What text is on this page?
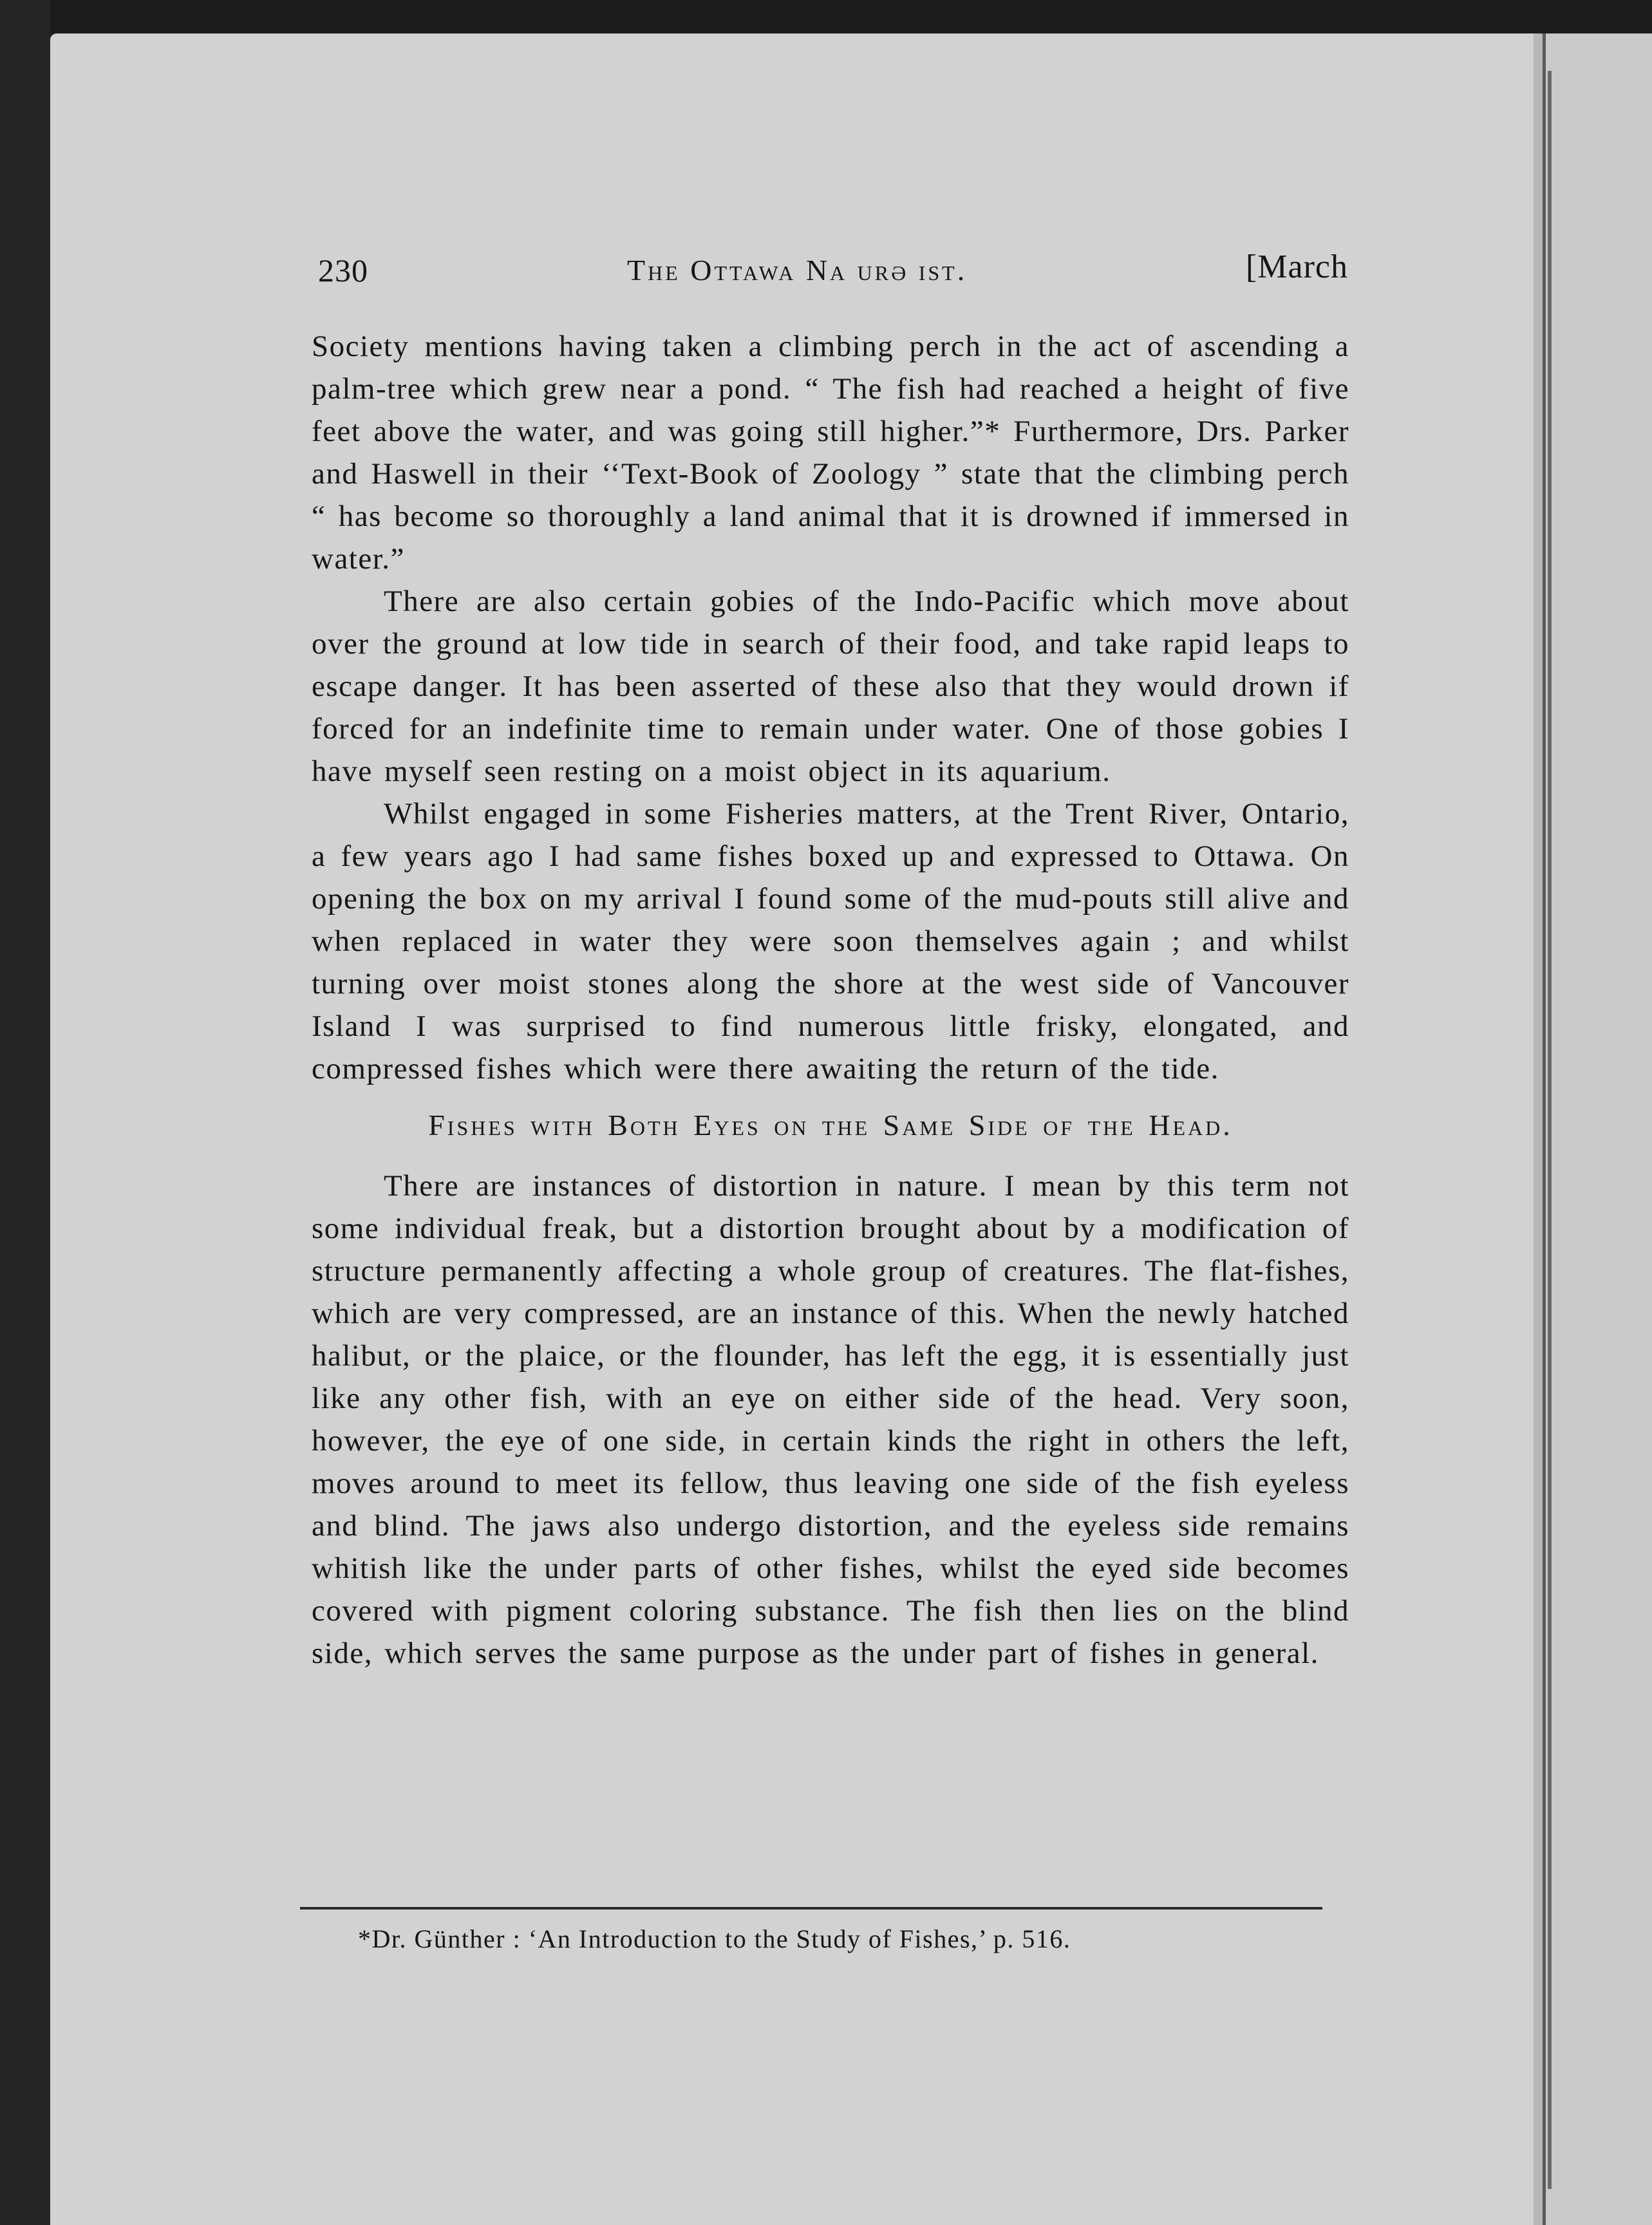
230	The Ottawa Na urə ist.	[March

Society mentions having taken a climbing perch in the act of ascending a palm-tree which grew near a pond. “ The fish had reached a height of five feet above the water, and was going still higher.”* Furthermore, Drs. Parker and Haswell in their ‘‘Text-Book of Zoology ” state that the climbing perch “ has become so thoroughly a land animal that it is drowned if immersed in water.”

There are also certain gobies of the Indo-Pacific which move about over the ground at low tide in search of their food, and take rapid leaps to escape danger. It has been asserted of these also that they would drown if forced for an indefinite time to remain under water. One of those gobies I have myself seen resting on a moist object in its aquarium.

Whilst engaged in some Fisheries matters, at the Trent River, Ontario, a few years ago I had same fishes boxed up and expressed to Ottawa. On opening the box on my arrival I found some of the mud-pouts still alive and when replaced in water they were soon themselves again ; and whilst turning over moist stones along the shore at the west side of Vancouver Island I was surprised to find numerous little frisky, elongated, and compressed fishes which were there awaiting the return of the tide.

Fishes with Both Eyes on the Same Side of the Head.

There are instances of distortion in nature. I mean by this term not some individual freak, but a distortion brought about by a modification of structure permanently affecting a whole group of creatures. The flat-fishes, which are very compressed, are an instance of this. When the newly hatched halibut, or the plaice, or the flounder, has left the egg, it is essentially just like any other fish, with an eye on either side of the head. Very soon, however, the eye of one side, in certain kinds the right in others the left, moves around to meet its fellow, thus leaving one side of the fish eyeless and blind. The jaws also undergo distortion, and the eyeless side remains whitish like the under parts of other fishes, whilst the eyed side becomes covered with pigment coloring substance. The fish then lies on the blind side, which serves the same purpose as the under part of fishes in general.

*Dr. Günther : ‘An Introduction to the Study of Fishes,’ p. 516.
